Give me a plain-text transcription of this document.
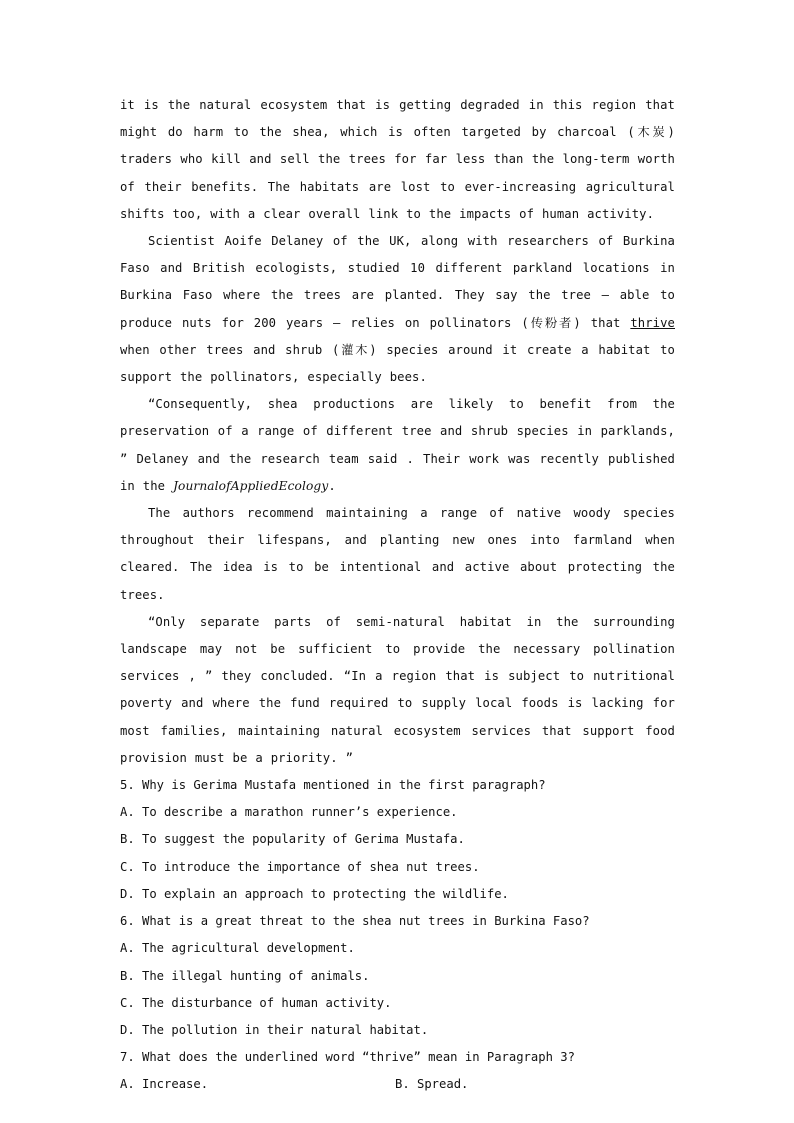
it is the natural ecosystem that is getting degraded in this region that might do harm to the shea, which is often targeted by charcoal (木炭) traders who kill and sell the trees for far less than the long-term worth of their benefits. The habitats are lost to ever-increasing agricultural shifts too, with a clear overall link to the impacts of human activity.

Scientist Aoife Delaney of the UK, along with researchers of Burkina Faso and British ecologists, studied 10 different parkland locations in Burkina Faso where the trees are planted. They say the tree — able to produce nuts for 200 years — relies on pollinators (传粉者) that thrive when other trees and shrub (灌木) species around it create a habitat to support the pollinators, especially bees.

“Consequently, shea productions are likely to benefit from the preservation of a range of different tree and shrub species in parklands, ” Delaney and the research team said . Their work was recently published in the JournalofAppliedEcology.

The authors recommend maintaining a range of native woody species throughout their lifespans, and planting new ones into farmland when cleared. The idea is to be intentional and active about protecting the trees.

“Only separate parts of semi-natural habitat in the surrounding landscape may not be sufficient to provide the necessary pollination services , ” they concluded. “In a region that is subject to nutritional poverty and where the fund required to supply local foods is lacking for most families, maintaining natural ecosystem services that support food provision must be a priority. ”

5. Why is Gerima Mustafa mentioned in the first paragraph?

A. To describe a marathon runner’s experience.

B. To suggest the popularity of Gerima Mustafa.

C. To introduce the importance of shea nut trees.

D. To explain an approach to protecting the wildlife.

6. What is a great threat to the shea nut trees in Burkina Faso?

A. The agricultural development.

B. The illegal hunting of animals.

C. The disturbance of human activity.

D. The pollution in their natural habitat.

7. What does the underlined word “thrive” mean in Paragraph 3?

A. Increase.	B. Spread.
